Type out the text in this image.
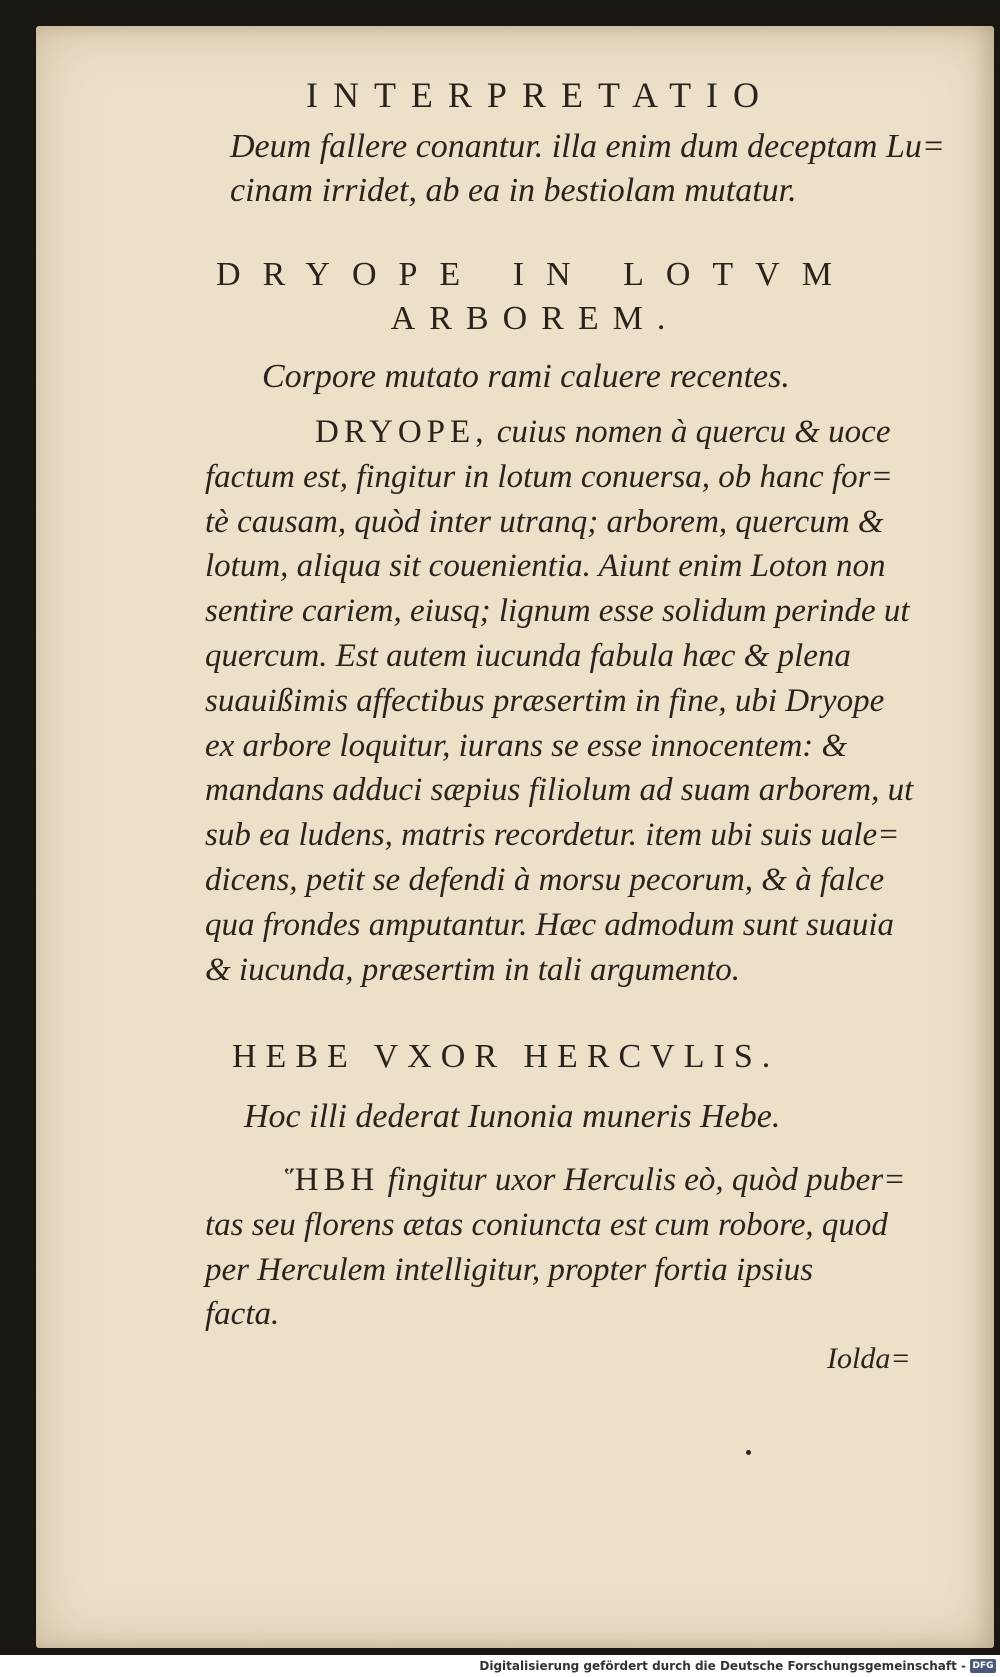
INTERPRETATIO
Deum fallere conantur. illa enim dum deceptam Lu=
cinam irridet, ab ea in bestiolam mutatur.
DRYOPE IN LOTVM
ARBOREM.
Corpore mutato rami caluere recentes.
DRYOPE, cuius nomen à quercu & uoce
factum est, fingitur in lotum conuersa, ob hanc for=
tè causam, quòd inter utranq; arborem, quercum &
lotum, aliqua sit couenientia. Aiunt enim Loton non
sentire cariem, eiusq; lignum esse solidum perinde ut
quercum. Est autem iucunda fabula hæc & plena
suauißimis affectibus præsertim in fine, ubi Dryope
ex arbore loquitur, iurans se esse innocentem: &
mandans adduci sæpius filiolum ad suam arborem, ut
sub ea ludens, matris recordetur. item ubi suis uale=
dicens, petit se defendi à morsu pecorum, & à falce
qua frondes amputantur. Hæc admodum sunt suauia
& iucunda, præsertim in tali argumento.
HEBE VXOR HERCVLIS.
Hoc illi dederat Iunonia muneris Hebe.
ἭΒΗ fingitur uxor Herculis eò, quòd puber=
tas seu florens ætas coniuncta est cum robore, quod
per Herculem intelligitur, propter fortia ipsius
facta.
Iolda=
Digitalisierung gefördert durch die Deutsche Forschungsgemeinschaft - DFG
